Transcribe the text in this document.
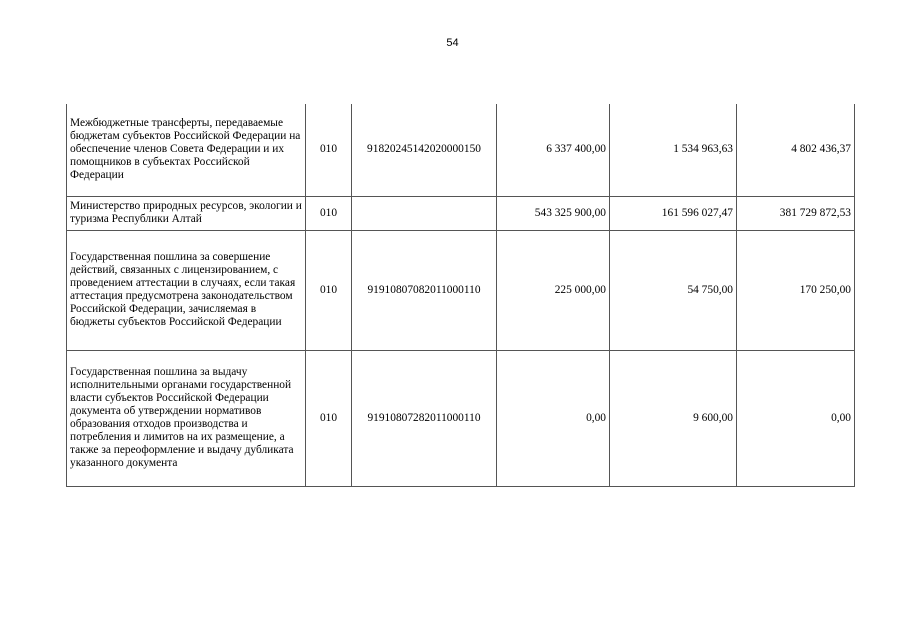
54
Межбюджетные трансферты, передаваемые бюджетам субъектов Российской Федерации на обеспечение членов Совета Федерации и их помощников в субъектах Российской Федерации	010	91820245142020000150	6 337 400,00	1 534 963,63	4 802 436,37
Министерство природных ресурсов, экологии и туризма Республики Алтай	010		543 325 900,00	161 596 027,47	381 729 872,53
Государственная пошлина за совершение действий, связанных с лицензированием, с проведением аттестации в случаях, если такая аттестация предусмотрена законодательством Российской Федерации, зачисляемая в бюджеты субъектов Российской Федерации	010	91910807082011000110	225 000,00	54 750,00	170 250,00
Государственная пошлина за выдачу исполнительными органами государственной власти субъектов Российской Федерации документа об утверждении нормативов образования отходов производства и потребления и лимитов на их размещение, а также за переоформление и выдачу дубликата указанного документа	010	91910807282011000110	0,00	9 600,00	0,00
